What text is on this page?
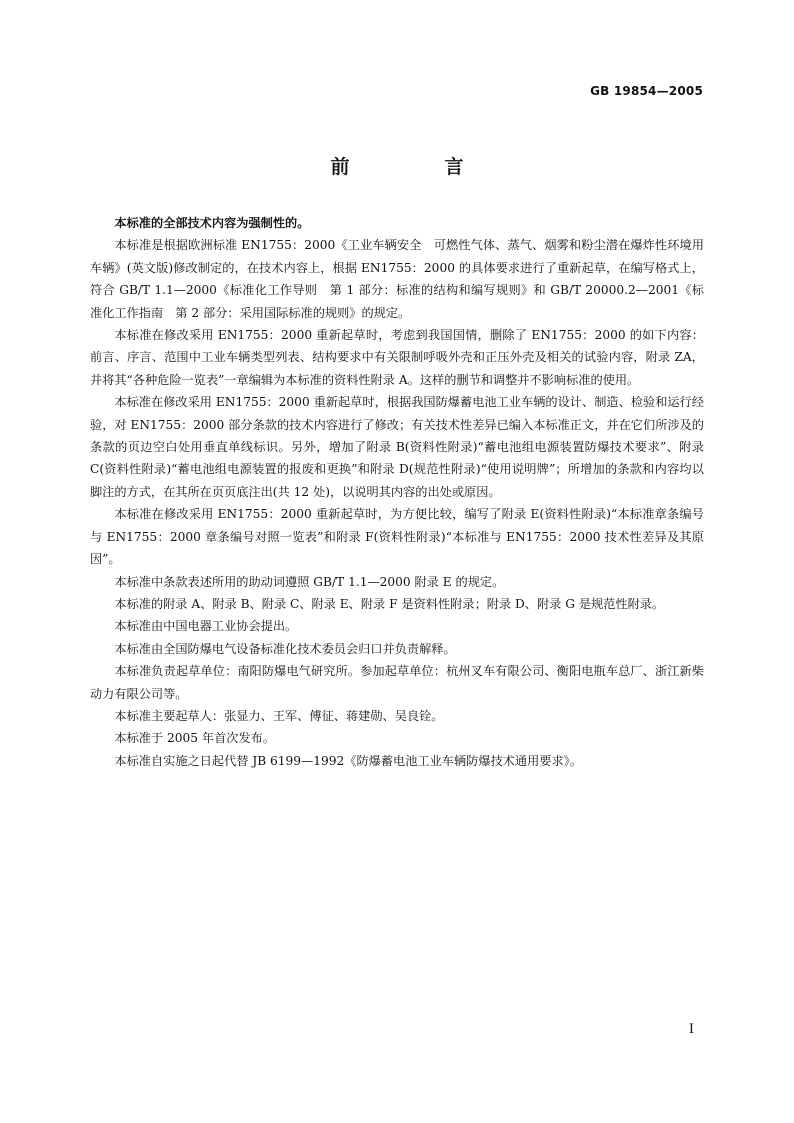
GB 19854—2005
前　言

本标准的全部技术内容为强制性的。

本标准是根据欧洲标准 EN1755：2000《工业车辆安全　可燃性气体、蒸气、烟雾和粉尘潜在爆炸性环境用车辆》(英文版)修改制定的，在技术内容上，根据 EN1755：2000 的具体要求进行了重新起草，在编写格式上，符合 GB/T 1.1—2000《标准化工作导则　第 1 部分：标准的结构和编写规则》和 GB/T 20000.2—2001《标准化工作指南　第 2 部分：采用国际标准的规则》的规定。

本标准在修改采用 EN1755：2000 重新起草时，考虑到我国国情，删除了 EN1755：2000 的如下内容：前言、序言、范围中工业车辆类型列表、结构要求中有关限制呼吸外壳和正压外壳及相关的试验内容，附录 ZA，并将其“各种危险一览表”一章编辑为本标准的资料性附录 A。这样的删节和调整并不影响标准的使用。

本标准在修改采用 EN1755：2000 重新起草时，根据我国防爆蓄电池工业车辆的设计、制造、检验和运行经验，对 EN1755：2000 部分条款的技术内容进行了修改；有关技术性差异已编入本标准正文，并在它们所涉及的条款的页边空白处用垂直单线标识。另外，增加了附录 B(资料性附录)“蓄电池组电源装置防爆技术要求”、附录 C(资料性附录)“蓄电池组电源装置的报废和更换”和附录 D(规范性附录)“使用说明牌”；所增加的条款和内容均以脚注的方式，在其所在页页底注出(共 12 处)，以说明其内容的出处或原因。

本标准在修改采用 EN1755：2000 重新起草时，为方便比较，编写了附录 E(资料性附录)“本标准章条编号与 EN1755：2000 章条编号对照一览表”和附录 F(资料性附录)“本标准与 EN1755：2000 技术性差异及其原因”。

本标准中条款表述所用的助动词遵照 GB/T 1.1—2000 附录 E 的规定。

本标准的附录 A、附录 B、附录 C、附录 E、附录 F 是资料性附录；附录 D、附录 G 是规范性附录。

本标准由中国电器工业协会提出。

本标准由全国防爆电气设备标准化技术委员会归口并负责解释。

本标准负责起草单位：南阳防爆电气研究所。参加起草单位：杭州叉车有限公司、衡阳电瓶车总厂、浙江新柴动力有限公司等。

本标准主要起草人：张显力、王军、傅征、蒋建勋、吴良铨。

本标准于 2005 年首次发布。

本标准自实施之日起代替 JB 6199—1992《防爆蓄电池工业车辆防爆技术通用要求》。

I
